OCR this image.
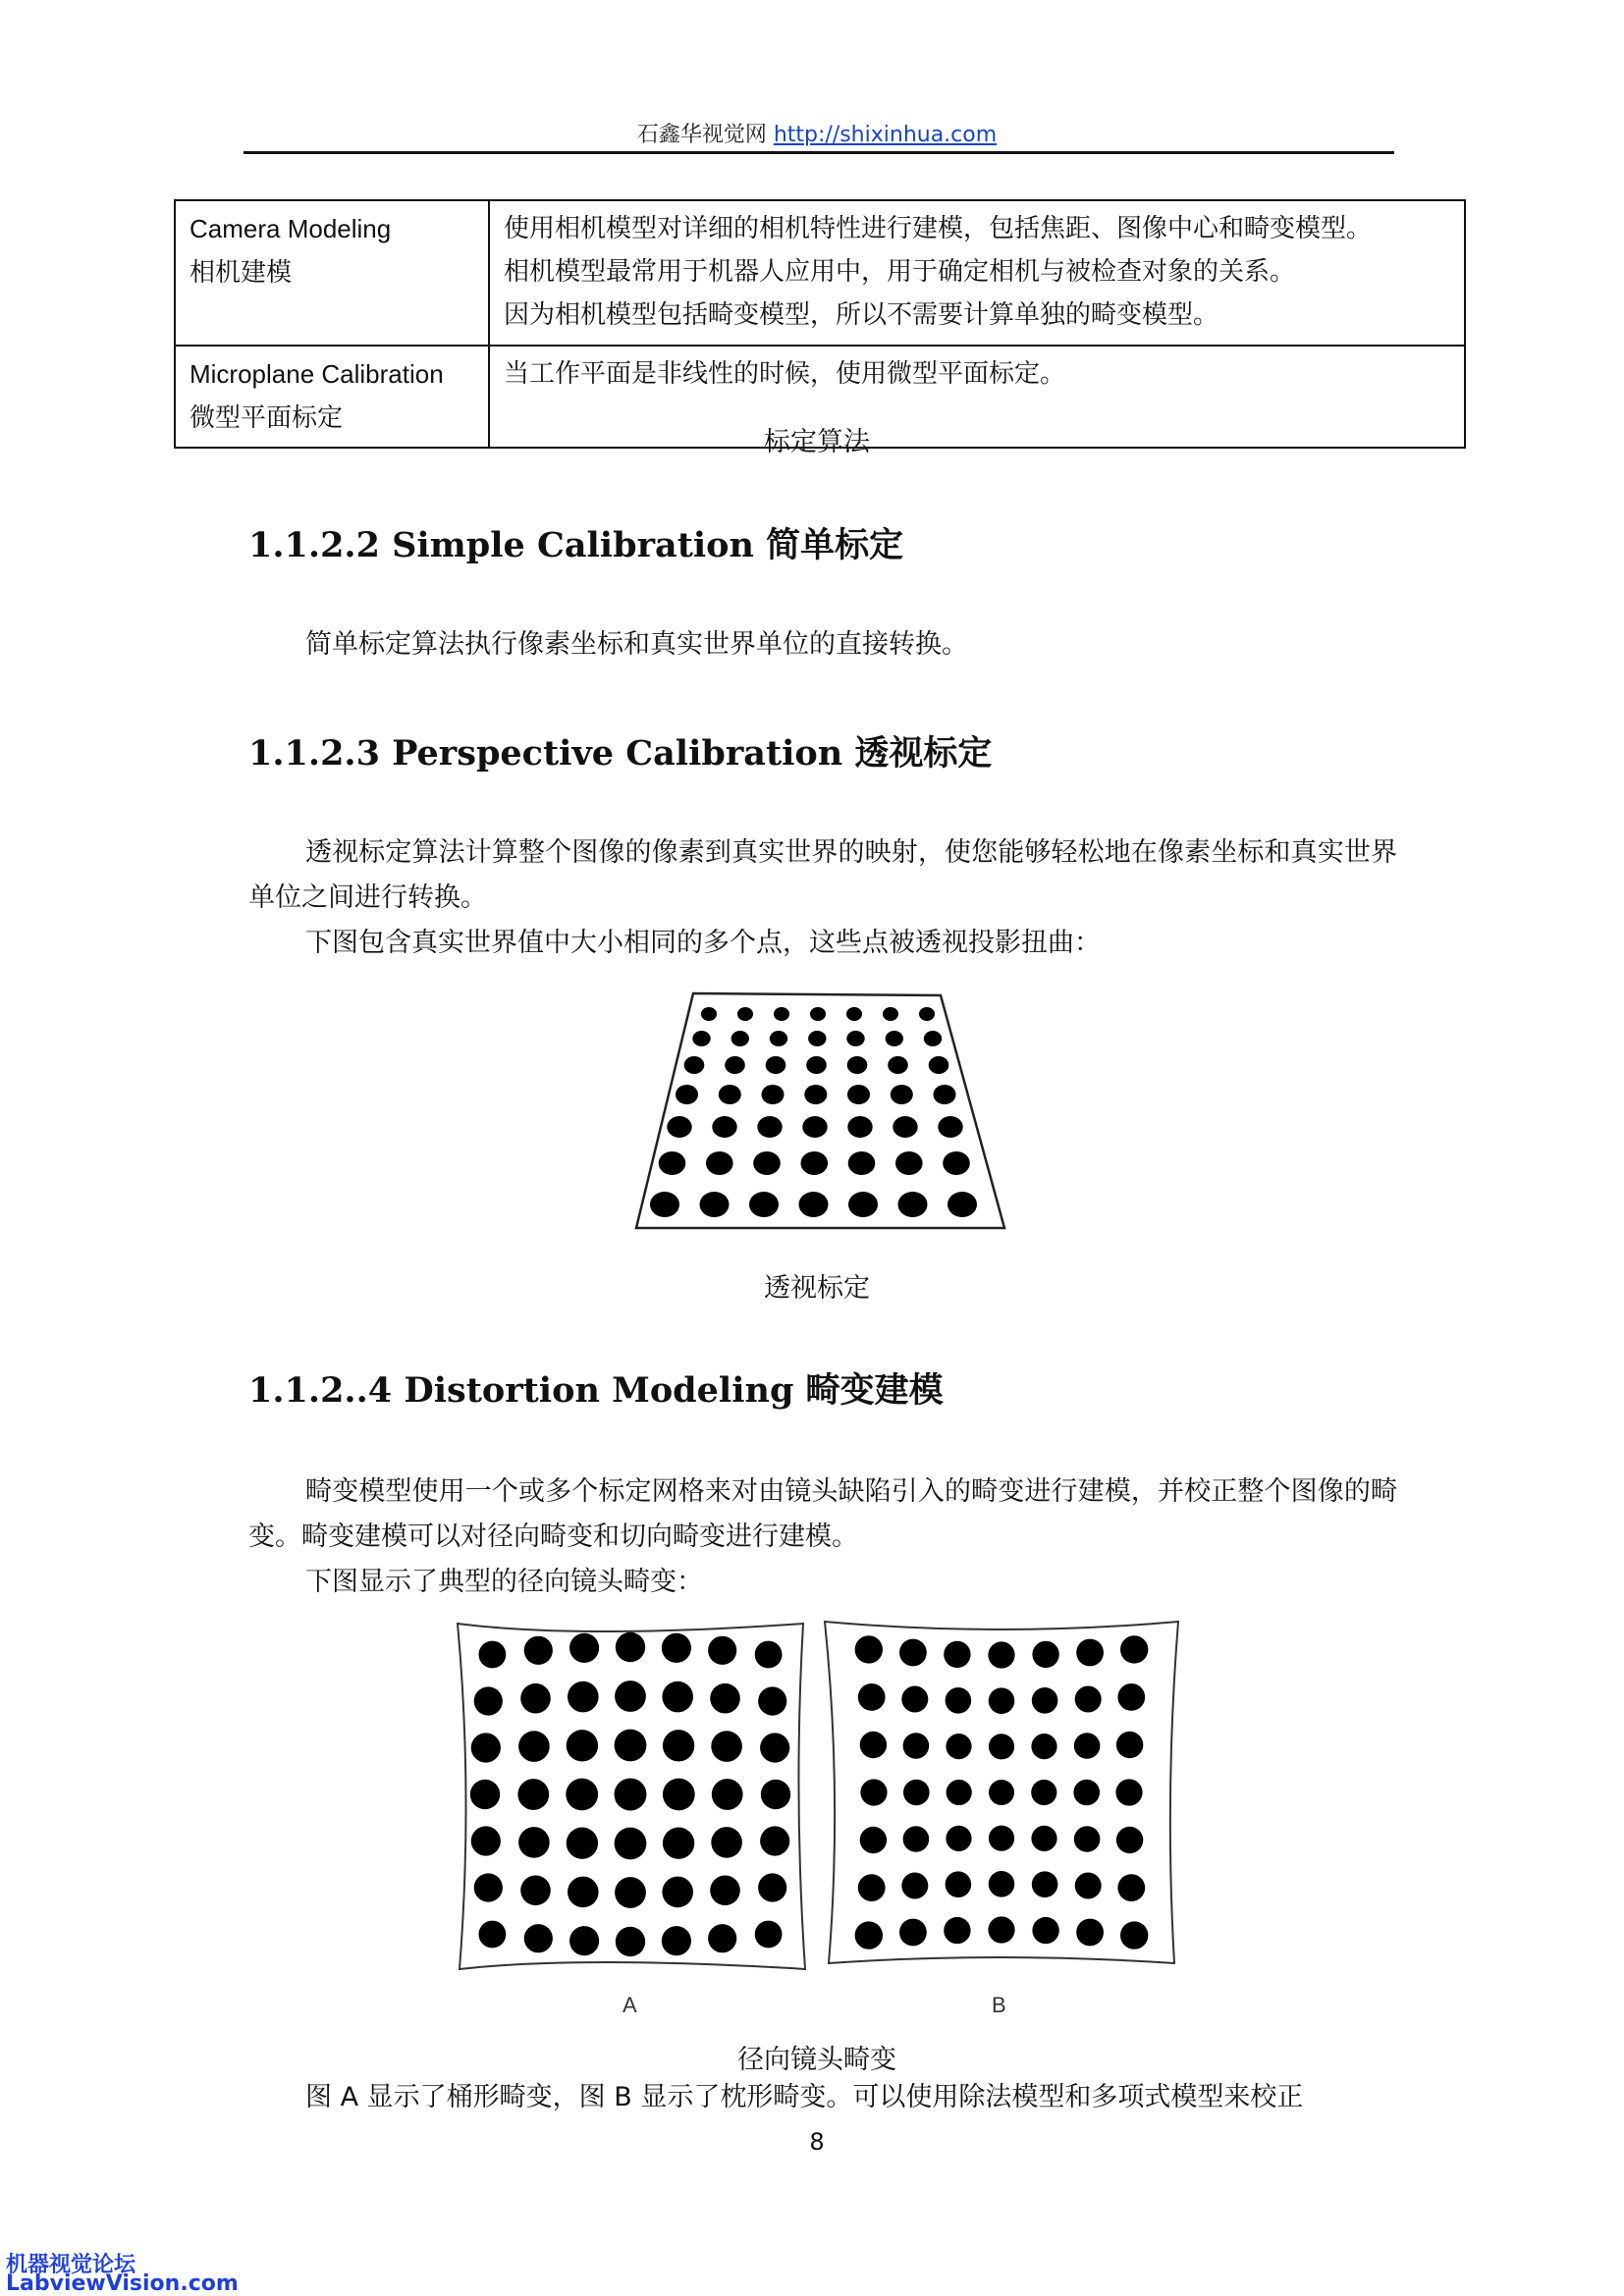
石鑫华视觉网 http://shixinhua.com
Camera Modeling
相机建模	使用相机模型对详细的相机特性进行建模，包括焦距、图像中心和畸变模型。
相机模型最常用于机器人应用中，用于确定相机与被检查对象的关系。
因为相机模型包括畸变模型，所以不需要计算单独的畸变模型。

Microplane Calibration
微型平面标定	当工作平面是非线性的时候，使用微型平面标定。
标定算法
1.1.2.2 Simple Calibration 简单标定
简单标定算法执行像素坐标和真实世界单位的直接转换。
1.1.2.3 Perspective Calibration 透视标定
透视标定算法计算整个图像的像素到真实世界的映射，使您能够轻松地在像素坐标和真实世界单位之间进行转换。
下图包含真实世界值中大小相同的多个点，这些点被透视投影扭曲：
透视标定
1.1.2..4 Distortion Modeling 畸变建模
畸变模型使用一个或多个标定网格来对由镜头缺陷引入的畸变进行建模，并校正整个图像的畸变。畸变建模可以对径向畸变和切向畸变进行建模。
下图显示了典型的径向镜头畸变：
A	B
径向镜头畸变
图 A 显示了桶形畸变，图 B 显示了枕形畸变。可以使用除法模型和多项式模型来校正
8
机器视觉论坛
LabviewVision.com
